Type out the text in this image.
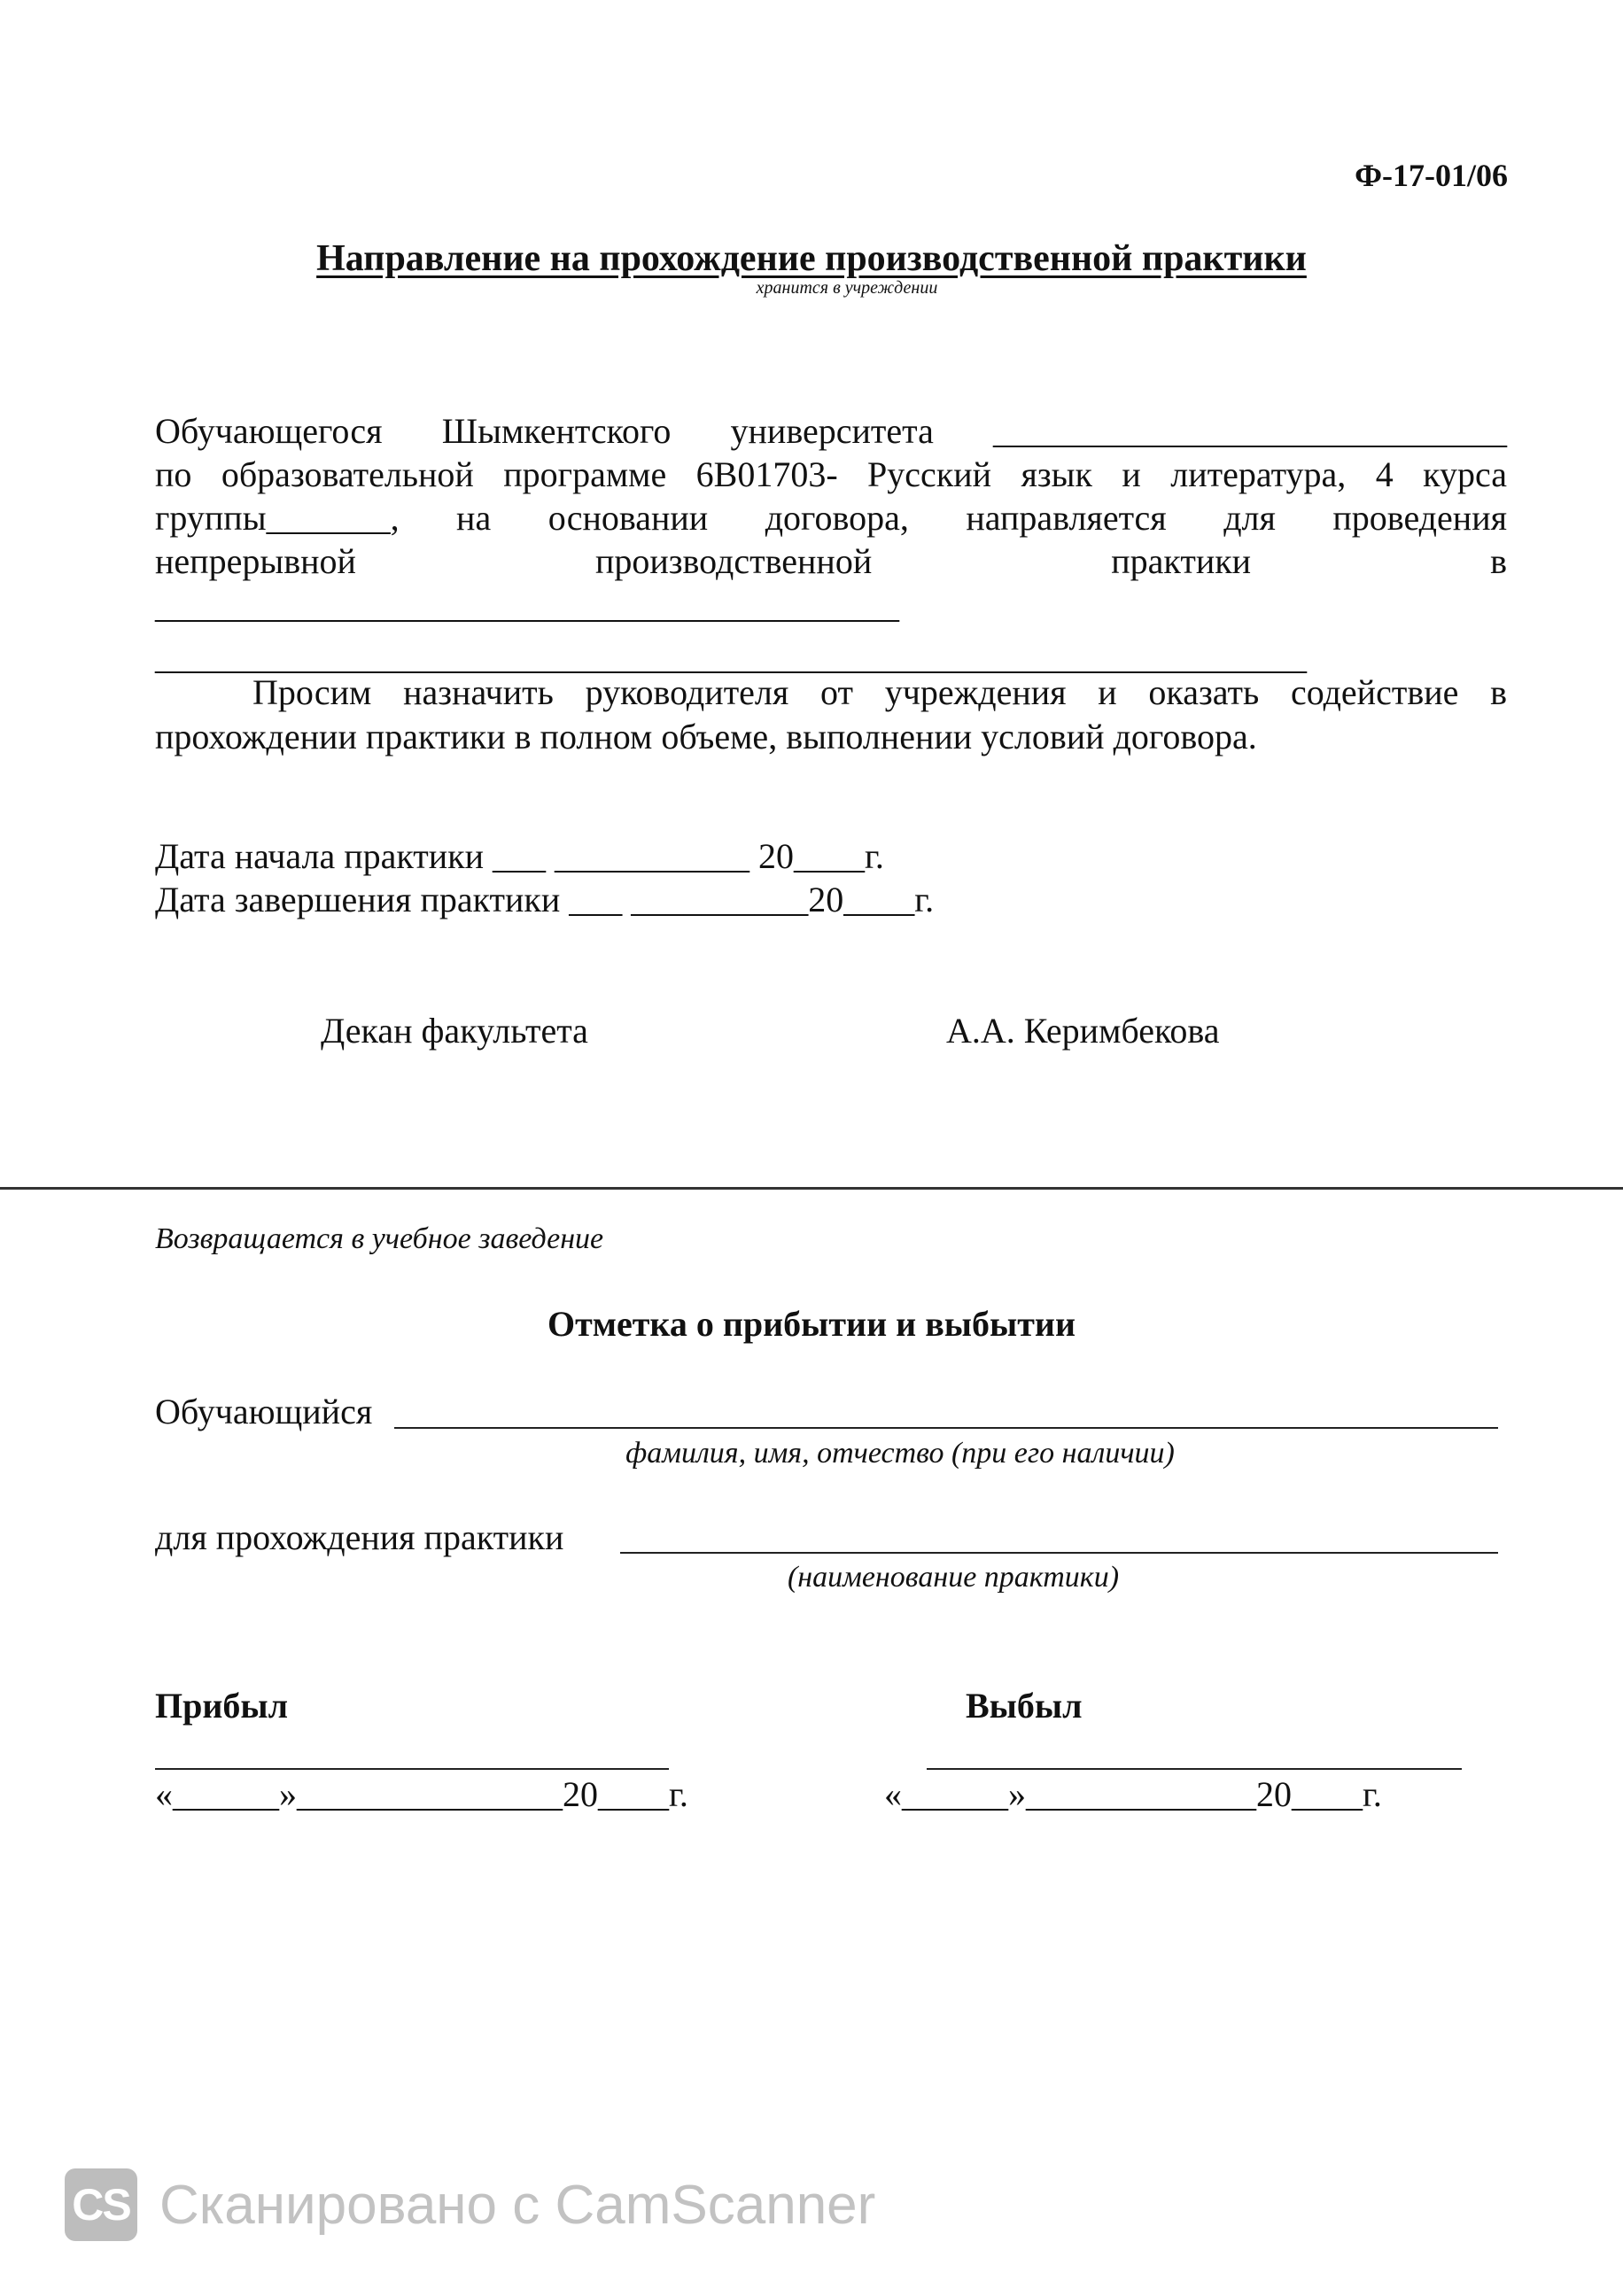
Ф-17-01/06
Направление на прохождение производственной практики
хранится в учреждении
Обучающегося Шымкентского университета _____________________________
по образовательной программе 6В01703- Русский язык и литература, 4 курса
группы_______, на основании договора, направляется для проведения
непрерывной производственной практики в
__________________________________________
_________________________________________________________________
Просим назначить руководителя от учреждения и оказать содействие в
прохождении практики в полном объеме, выполнении условий договора.
Дата начала практики ___ ___________ 20____г.
Дата завершения практики ___ __________20____г.
Декан факультета	А.А. Керимбекова
Возвращается в учебное заведение
Отметка о прибытии и выбытии
Обучающийся
фамилия, имя, отчество (при его наличии)
для прохождения практики
(наименование практики)
Прибыл	Выбыл
«______»_______________20____г.	«______»_____________20____г.
CS Сканировано с CamScanner
